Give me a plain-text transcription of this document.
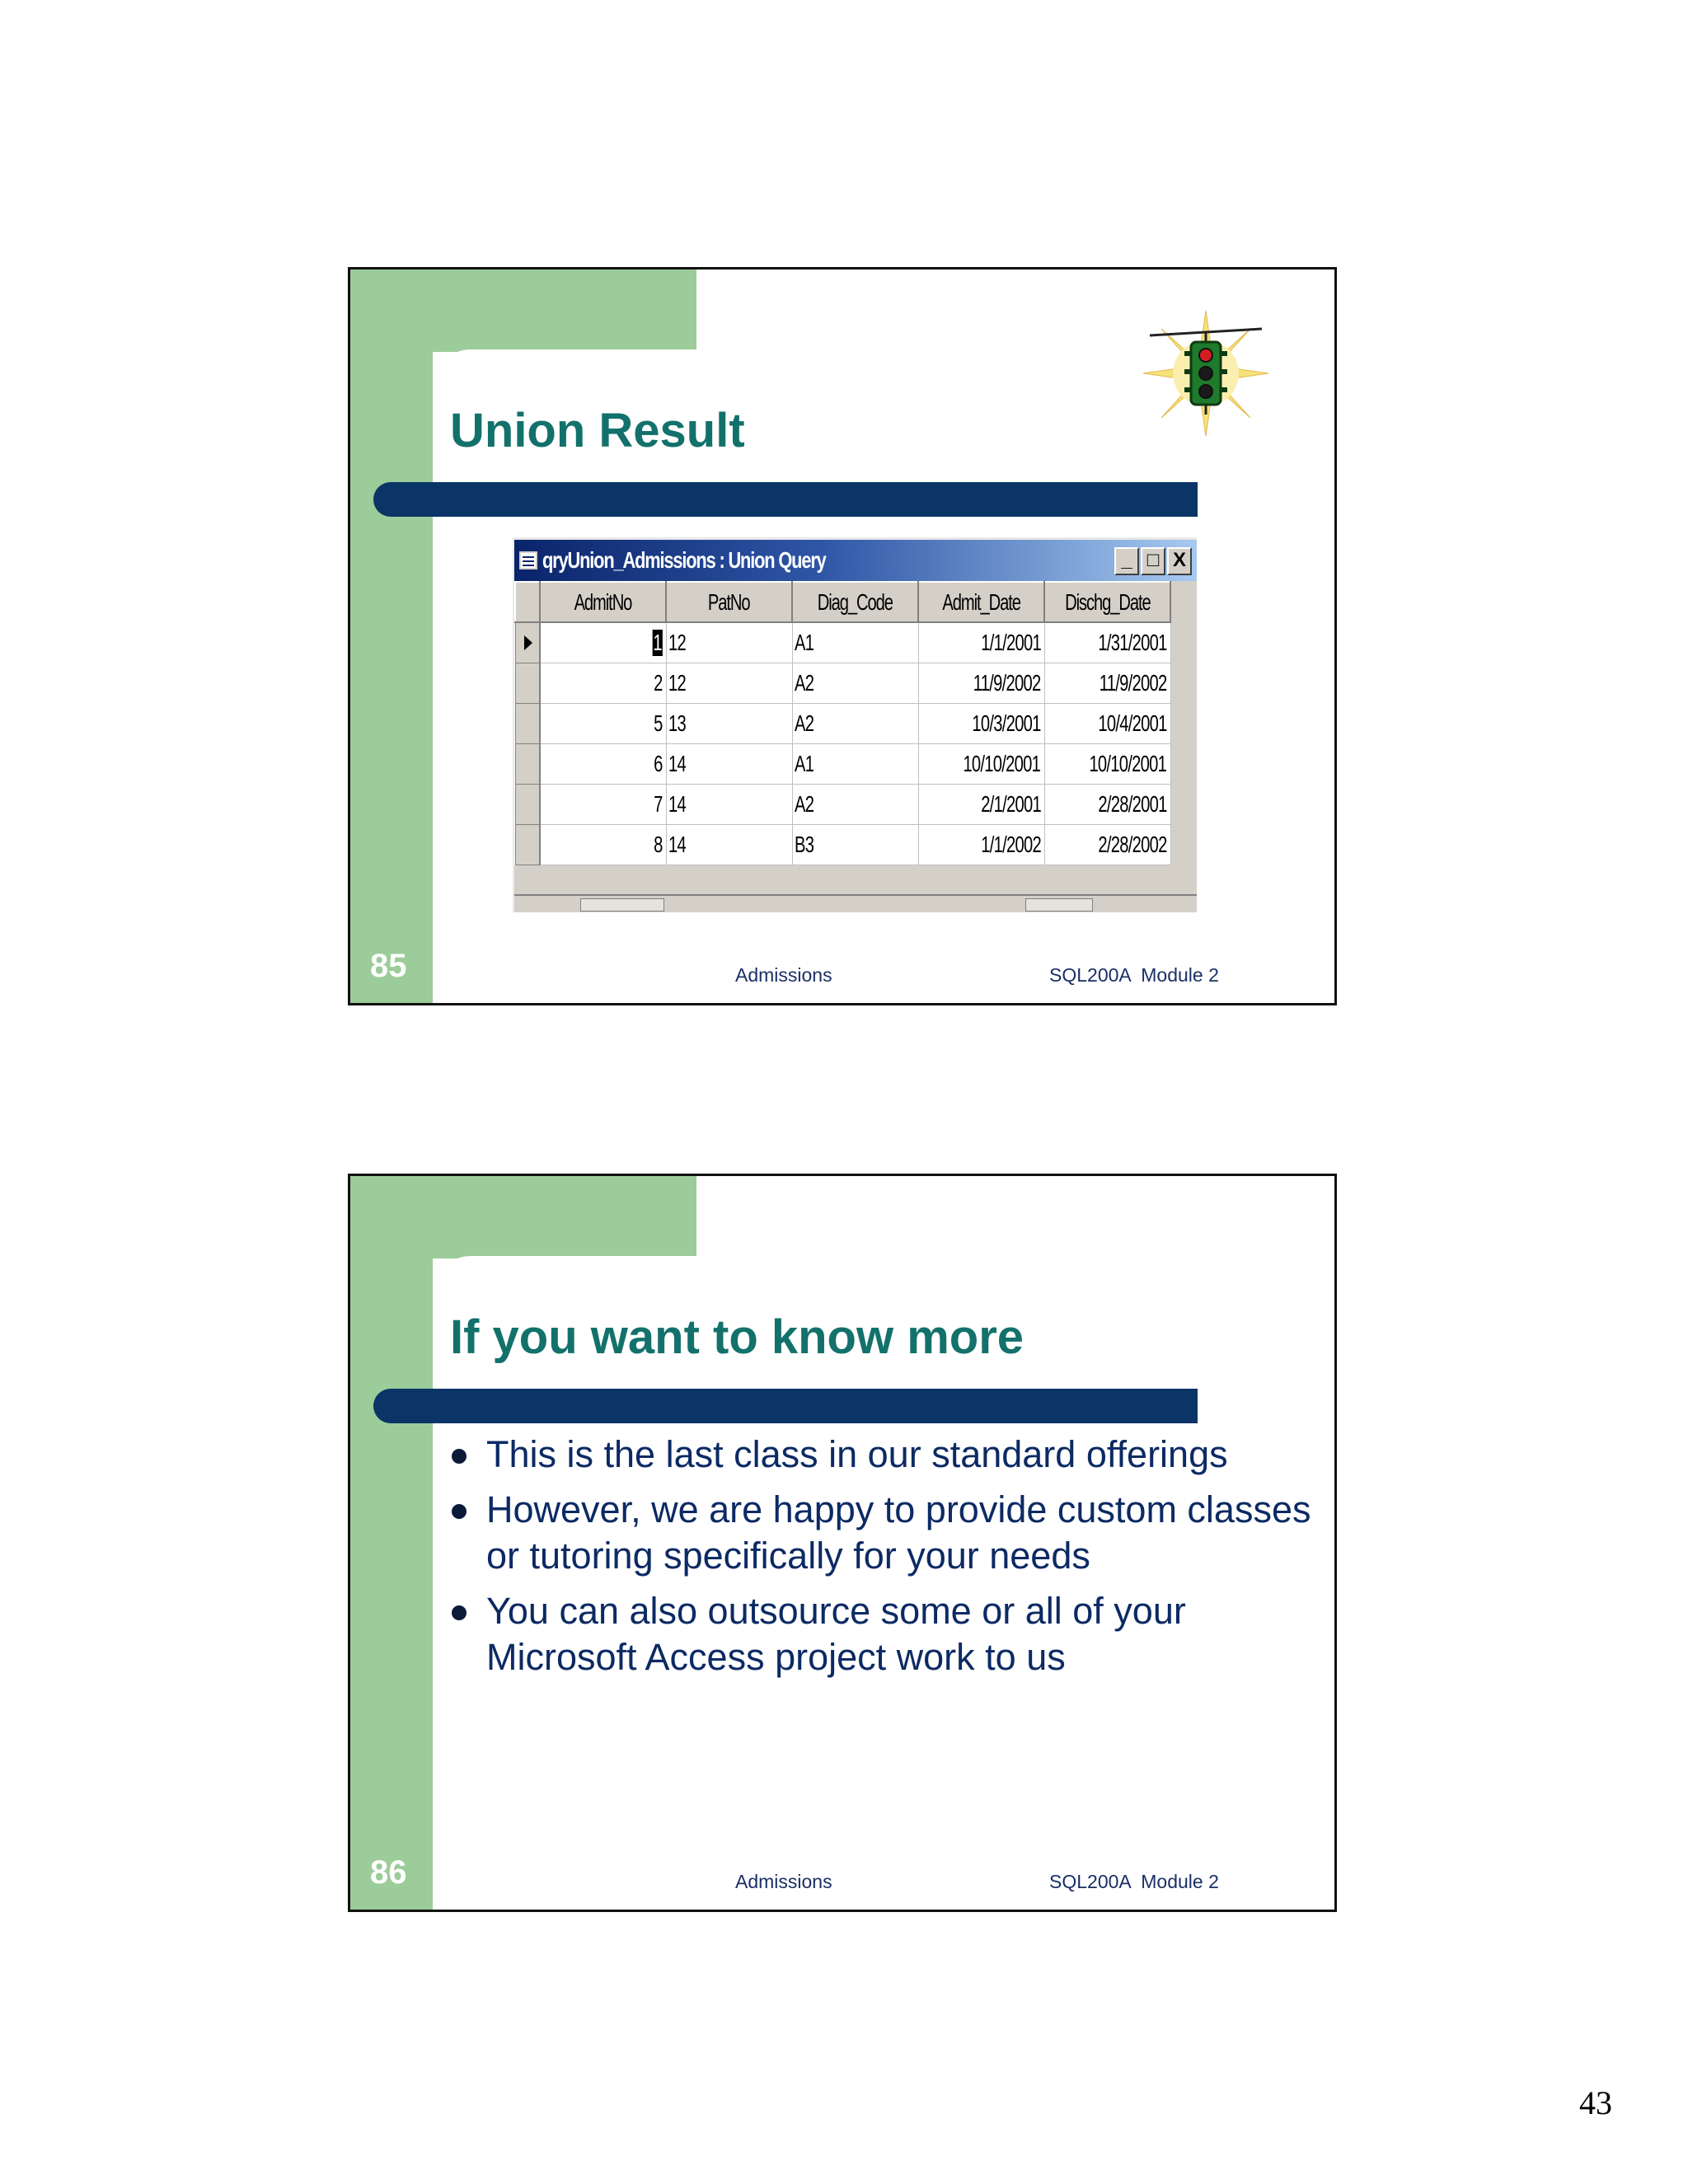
Union Result
qryUnion_Admissions : Union Query	_ □ X
	AdmitNo	PatNo	Diag_Code	Admit_Date	Dischg_Date

	1	12	A1	1/1/2001	1/31/2001
	2	12	A2	11/9/2002	11/9/2002
	5	13	A2	10/3/2001	10/4/2001
	6	14	A1	10/10/2001	10/10/2001
	7	14	A2	2/1/2001	2/28/2001
	8	14	B3	1/1/2002	2/28/2002
85	Admissions	SQL200A  Module 2
If you want to know more
This is the last class in our standard offerings
However, we are happy to provide custom classes or tutoring specifically for your needs
You can also outsource some or all of your Microsoft Access project work to us
86	Admissions	SQL200A  Module 2
43
